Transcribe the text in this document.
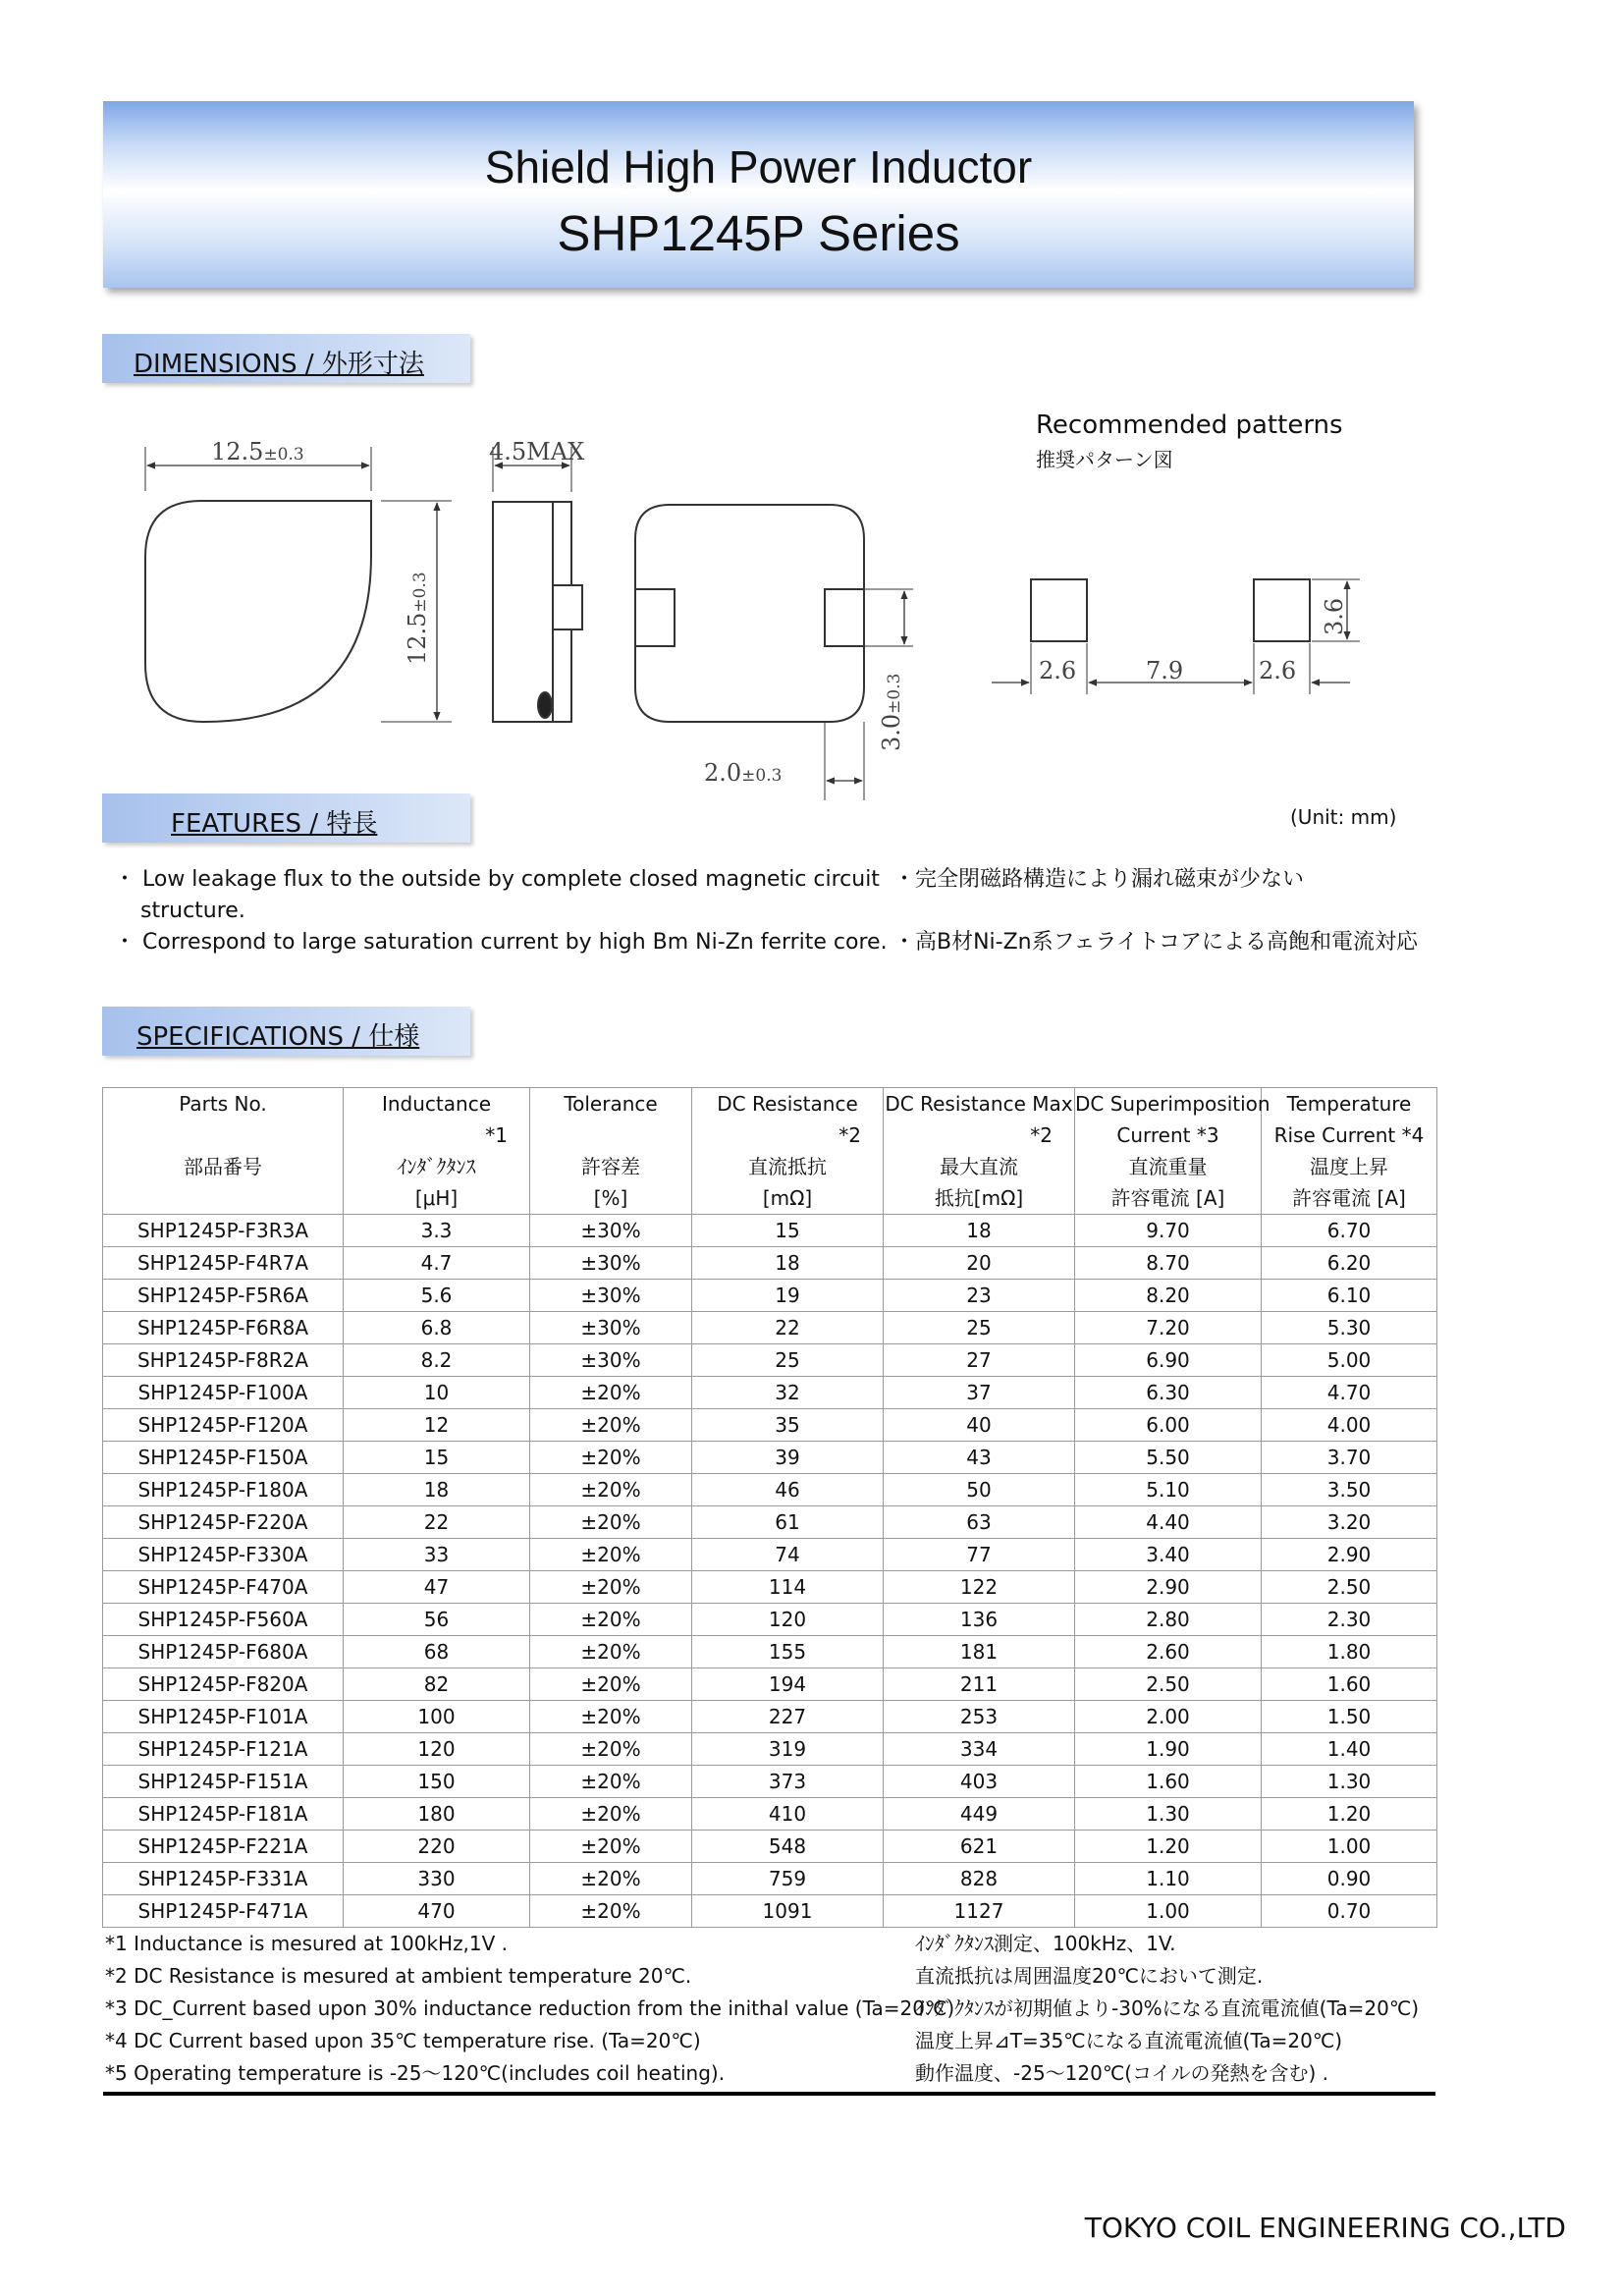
Shield High Power Inductor
SHP1245P Series
DIMENSIONS / 外形寸法
12.5±0.3	4.5MAX
12.5±0.3
2.0±0.3
3.0±0.3
2.6	7.9	2.6
3.6
Recommended patterns
推奨パターン図
FEATURES / 特長	(Unit: mm)
・ Low leakage flux to the outside by complete closed magnetic circuit
structure.
・ Correspond to large saturation current by high Bm Ni-Zn ferrite core.
・完全閉磁路構造により漏れ磁束が少ない
・高B材Ni-Zn系フェライトコアによる高飽和電流対応
SPECIFICATIONS / 仕様
Parts No.	Inductance	Tolerance	DC Resistance	DC Resistance Max	DC Superimposition	Temperature
	*1		*2	*2	Current *3	Rise Current *4
部品番号	ｲﾝﾀﾞｸﾀﾝｽ	許容差	直流抵抗	最大直流	直流重量	温度上昇
	[μH]	[%]	[mΩ]	抵抗[mΩ]	許容電流 [A]	許容電流 [A]
SHP1245P-F3R3A	3.3	±30%	15	18	9.70	6.70
SHP1245P-F4R7A	4.7	±30%	18	20	8.70	6.20
SHP1245P-F5R6A	5.6	±30%	19	23	8.20	6.10
SHP1245P-F6R8A	6.8	±30%	22	25	7.20	5.30
SHP1245P-F8R2A	8.2	±30%	25	27	6.90	5.00
SHP1245P-F100A	10	±20%	32	37	6.30	4.70
SHP1245P-F120A	12	±20%	35	40	6.00	4.00
SHP1245P-F150A	15	±20%	39	43	5.50	3.70
SHP1245P-F180A	18	±20%	46	50	5.10	3.50
SHP1245P-F220A	22	±20%	61	63	4.40	3.20
SHP1245P-F330A	33	±20%	74	77	3.40	2.90
SHP1245P-F470A	47	±20%	114	122	2.90	2.50
SHP1245P-F560A	56	±20%	120	136	2.80	2.30
SHP1245P-F680A	68	±20%	155	181	2.60	1.80
SHP1245P-F820A	82	±20%	194	211	2.50	1.60
SHP1245P-F101A	100	±20%	227	253	2.00	1.50
SHP1245P-F121A	120	±20%	319	334	1.90	1.40
SHP1245P-F151A	150	±20%	373	403	1.60	1.30
SHP1245P-F181A	180	±20%	410	449	1.30	1.20
SHP1245P-F221A	220	±20%	548	621	1.20	1.00
SHP1245P-F331A	330	±20%	759	828	1.10	0.90
SHP1245P-F471A	470	±20%	1091	1127	1.00	0.70
*1 Inductance is mesured at 100kHz,1V .
*2 DC Resistance is mesured at ambient temperature 20℃.
*3 DC_Current based upon 30% inductance reduction from the inithal value (Ta=20℃)
*4 DC Current based upon 35℃ temperature rise. (Ta=20℃)
*5 Operating temperature is -25～120℃(includes coil heating).
ｲﾝﾀﾞｸﾀﾝｽ測定、100kHz、1V.
直流抵抗は周囲温度20℃において測定.
ｲﾝﾀﾞｸﾀﾝｽが初期値より-30%になる直流電流値(Ta=20℃)
温度上昇⊿T=35℃になる直流電流値(Ta=20℃)
動作温度、-25～120℃(コイルの発熱を含む) .
TOKYO COIL ENGINEERING CO.,LTD
